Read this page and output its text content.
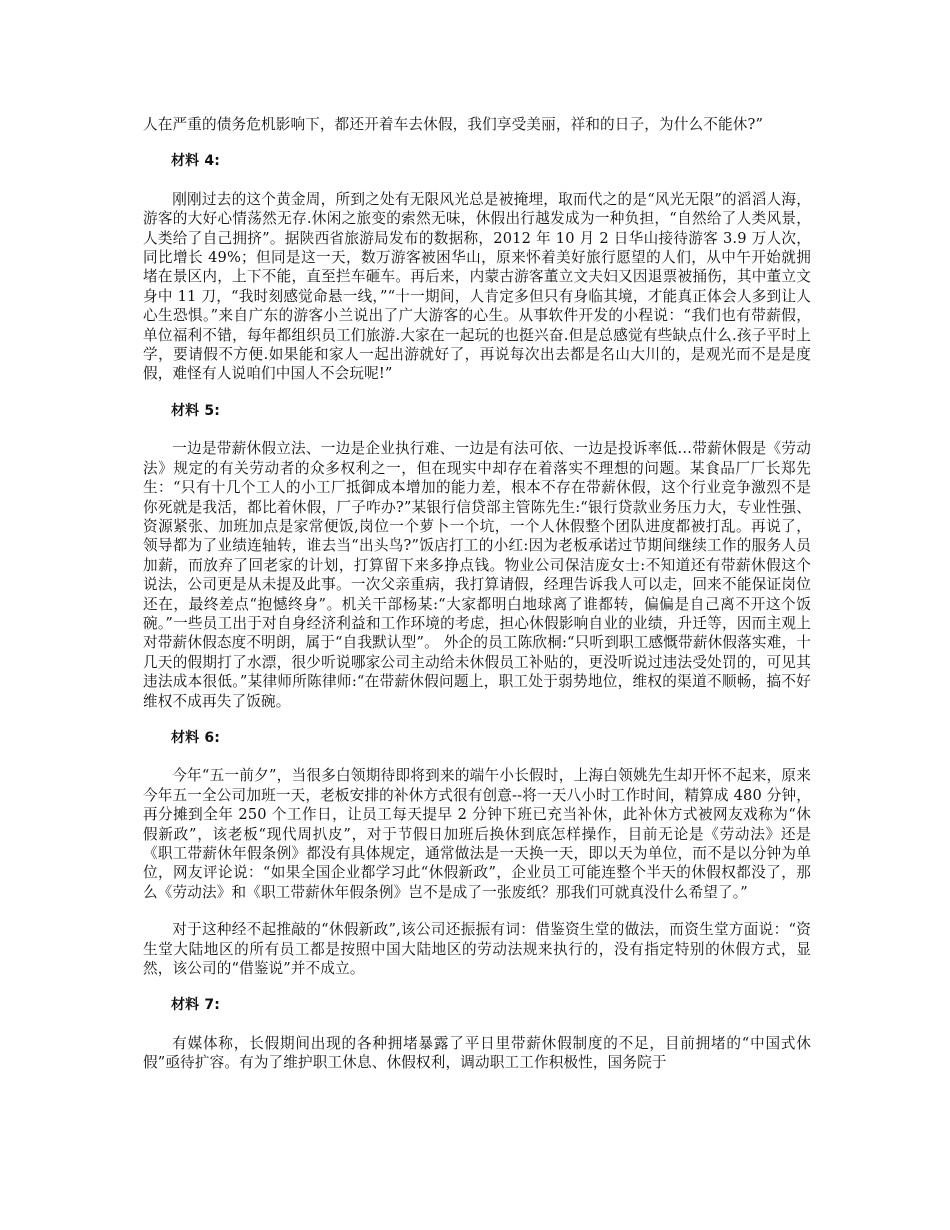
人在严重的债务危机影响下，都还开着车去休假，我们享受美丽，祥和的日子，为什么不能休?”

材料 4:

刚刚过去的这个黄金周，所到之处有无限风光总是被掩埋，取而代之的是“风光无限”的滔滔人海，游客的大好心情荡然无存.休闲之旅变的索然无味，休假出行越发成为一种负担，“自然给了人类风景，人类给了自己拥挤”。据陕西省旅游局发布的数据称，2012 年 10 月 2 日华山接待游客 3.9 万人次，同比增长 49%；但同是这一天，数万游客被困华山，原来怀着美好旅行愿望的人们，从中午开始就拥堵在景区内，上下不能，直至拦车砸车。再后来，内蒙古游客董立文夫妇又因退票被捅伤，其中董立文身中 11 刀，“我时刻感觉命悬一线，”“十一期间，人肯定多但只有身临其境，才能真正体会人多到让人心生恐惧。”来自广东的游客小兰说出了广大游客的心生。从事软件开发的小程说：“我们也有带薪假，单位福利不错，每年都组织员工们旅游.大家在一起玩的也挺兴奋.但是总感觉有些缺点什么.孩子平时上学，要请假不方便.如果能和家人一起出游就好了，再说每次出去都是名山大川的，是观光而不是是度假，难怪有人说咱们中国人不会玩呢!”

材料 5:

一边是带薪休假立法、一边是企业执行难、一边是有法可依、一边是投诉率低…带薪休假是《劳动法》规定的有关劳动者的众多权利之一，但在现实中却存在着落实不理想的问题。某食品厂厂长郑先生：“只有十几个工人的小工厂抵御成本增加的能力差，根本不存在带薪休假，这个行业竞争激烈不是你死就是我活，都比着休假，厂子咋办?”某银行信贷部主管陈先生:“银行贷款业务压力大，专业性强、资源紧张、加班加点是家常便饭,岗位一个萝卜一个坑，一个人休假整个团队进度都被打乱。再说了，领导都为了业绩连轴转，谁去当“出头鸟?”饭店打工的小红:因为老板承诺过节期间继续工作的服务人员加薪，而放弃了回老家的计划，打算留下来多挣点钱。物业公司保洁庞女士:不知道还有带薪休假这个说法，公司更是从未提及此事。一次父亲重病，我打算请假，经理告诉我人可以走，回来不能保证岗位还在，最终差点“抱憾终身”。机关干部杨某:“大家都明白地球离了谁都转，偏偏是自己离不开这个饭碗。”一些员工出于对自身经济利益和工作环境的考虑，担心休假影响自业的业绩，升迁等，因而主观上对带薪休假态度不明朗，属于“自我默认型”。 外企的员工陈欣桐:“只听到职工感慨带薪休假落实难，十几天的假期打了水漂，很少听说哪家公司主动给未休假员工补贴的，更没听说过违法受处罚的，可见其违法成本很低。”某律师所陈律师:“在带薪休假问题上，职工处于弱势地位，维权的渠道不顺畅，搞不好维权不成再失了饭碗。

材料 6:

今年“五一前夕”，当很多白领期待即将到来的端午小长假时，上海白领姚先生却开怀不起来，原来今年五一全公司加班一天，老板安排的补休方式很有创意--将一天八小时工作时间，精算成 480 分钟，再分摊到全年 250 个工作日，让员工每天提早 2 分钟下班已充当补休，此补休方式被网友戏称为“休假新政”，该老板“现代周扒皮”，对于节假日加班后换休到底怎样操作，目前无论是《劳动法》还是《职工带薪休年假条例》都没有具体规定，通常做法是一天换一天，即以天为单位，而不是以分钟为单位，网友评论说：“如果全国企业都学习此“休假新政”，企业员工可能连整个半天的休假权都没了，那么《劳动法》和《职工带薪休年假条例》岂不是成了一张废纸？那我们可就真没什么希望了。”

对于这种经不起推敲的“休假新政”,该公司还振振有词：借鉴资生堂的做法，而资生堂方面说：“资生堂大陆地区的所有员工都是按照中国大陆地区的劳动法规来执行的，没有指定特别的休假方式，显然，该公司的“借鉴说”并不成立。

材料 7:

有媒体称，长假期间出现的各种拥堵暴露了平日里带薪休假制度的不足，目前拥堵的“中国式休假”亟待扩容。有为了维护职工休息、休假权利，调动职工工作积极性，国务院于
